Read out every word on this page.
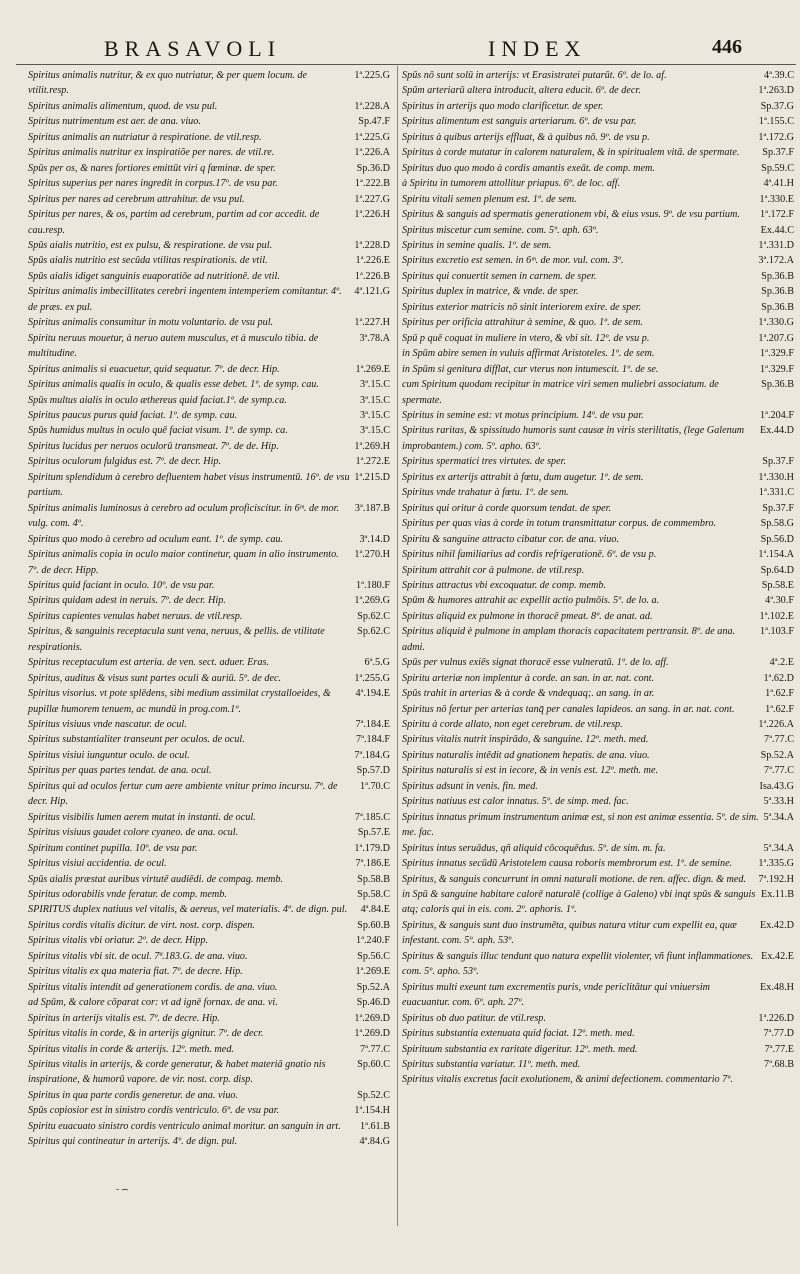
BRASAVOLI	INDEX	446

1ª.225.G
Spiritus animalis nutritur, & ex quo nutriatur, & per quem locum. de vtilit.resp.

1ª.228.A
Spiritus animalis alimentum, quod. de vsu pul.

Sp.47.F
Spiritus nutrimentum est aer. de ana. viuo.

1ª.225.G
Spiritus animalis an nutriatur à respiratione. de vtil.resp.

1ª.226.A
Spiritus animalis nutritur ex inspiratiõe per nares. de vtil.re.

Sp.36.D
Spūs per os, & nares fortiores emittūt viri q fœminæ. de sper.

1ª.222.B
Spiritus superius per nares ingredit in corpus.17º. de vsu par.

1ª.227.G
Spiritus per nares ad cerebrum attrahitur. de vsu pul.

1ª.226.H
Spiritus per nares, & os, partim ad cerebrum, partim ad cor accedit. de cau.resp.

1ª.228.D
Spūs aialis nutritio, est ex pulsu, & respiratione. de vsu pul.

1ª.226.E
Spūs aialis nutritio est secūda vtilitas respirationis. de vtil.

1ª.226.B
Spūs aialis idiget sanguinis euaporatiōe ad nutritionē. de vtil.

4ª.121.G
Spiritus animalis imbecillitates cerebri ingentem intemperiem comitantur. 4º. de præs. ex pul.

1ª.227.H
Spiritus animalis consumitur in motu voluntario. de vsu pul.

3ª.78.A
Spiritu neruus mouetur, à neruo autem musculus, et à musculo tibia. de multitudine.

1ª.269.E
Spiritus animalis si euacuetur, quid sequatur. 7º. de decr. Hip.

3ª.15.C
Spiritus animalis qualis in oculo, & qualis esse debet. 1º. de symp. cau.

3ª.15.C
Spūs multus aialis in oculo æthereus quid faciat.1º. de symp.ca.

3ª.15.C
Spiritus paucus purus quid faciat. 1º. de symp. cau.

3ª.15.C
Spūs humidus multus in oculo quē faciat visum. 1º. de symp. ca.

1ª.269.H
Spiritus lucidus per neruos oculorū transmeat. 7º. de de. Hip.

1ª.272.E
Spiritus oculorum fulgidus est. 7º. de decr. Hip.

1ª.215.D
Spiritum splendidum à cerebro defluentem habet visus instrumentū. 16º. de vsu partium.

3ª.187.B
Spiritus animalis luminosus à cerebro ad oculum proficiscitur. in 6ᵐ. de mor. vulg. com. 4º.

3ª.14.D
Spiritus quo modo à cerebro ad oculum eant. 1º. de symp. cau.

1ª.270.H
Spiritus animalis copia in oculo maior continetur, quam in alio instrumento. 7º. de decr. Hipp.

1ª.180.F
Spiritus quid faciant in oculo. 10º. de vsu par.

1ª.269.G
Spiritus quidam adest in neruis. 7º. de decr. Hip.

Sp.62.C
Spiritus capientes venulas habet neruus. de vtil.resp.

Sp.62.C
Spiritus, & sanguinis receptacula sunt vena, neruus, & pellis. de vtilitate respirationis.

6ª.5.G
Spiritus receptaculum est arteria. de ven. sect. aduer. Eras.

1ª.255.G
Spiritus, auditus & visus sunt partes oculi & auriū. 5º. de dec.

4ª.194.E
Spiritus visorius. vt pote splēdens, sibi medium assimilat crystalloeides, & pupillæ humorem tenuem, ac mundū in prog.com.1º.

7ª.184.E
Spiritus visiuus vnde nascatur. de ocul.

7ª.184.F
Spiritus substantialiter transeunt per oculos. de ocul.

7ª.184.G
Spiritus visiui iunguntur oculo. de ocul.

Sp.57.D
Spiritus per quas partes tendat. de ana. ocul.

1ª.70.C
Spiritus qui ad oculos fertur cum aere ambiente vnitur primo incursu. 7º. de decr. Hip.

7ª.185.C
Spiritus visibilis lumen aerem mutat in instanti. de ocul.

Sp.57.E
Spiritus visiuus gaudet colore cyaneo. de ana. ocul.

1ª.179.D
Spiritum continet pupilla. 10º. de vsu par.

7ª.186.E
Spiritus visiui accidentia. de ocul.

Sp.58.B
Spūs aialis præstat auribus virtutē audiēdi. de compag. memb.

Sp.58.C
Spiritus odorabilis vnde feratur. de comp. memb.

4ª.84.E
SPIRITUS duplex natiuus vel vitalis, & aereus, vel materialis. 4º. de dign. pul.

Sp.60.B
Spiritus cordis vitalis dicitur. de virt. nost. corp. dispen.

1ª.240.F
Spiritus vitalis vbi oriatur. 2º. de decr. Hipp.

Sp.56.C
Spiritus vitalis vbi sit. de ocul. 7ª.183.G. de ana. viuo.

1ª.269.E
Spiritus vitalis ex qua materia fiat. 7º. de decre. Hip.

Sp.52.A
Spiritus vitalis intendit ad generationem cordis. de ana. viuo.

Sp.46.D
ad Spūm, & calore cōparat cor: vt ad ignē fornax. de ana. vi.

1ª.269.D
Spiritus in arterijs vitalis est. 7º. de decre. Hip.

1ª.269.D
Spiritus vitalis in corde, & in arterijs gignitur. 7º. de decr.

7ª.77.C
Spiritus vitalis in corde & arterijs. 12º. meth. med.

Sp.60.C
Spiritus vitalis in arterijs, & corde generatur, & habet materiā gnatio nis inspiratione, & humorū vapore. de vir. nost. corp. disp.

Sp.52.C
Spiritus in qua parte cordis generetur. de ana. viuo.

1ª.154.H
Spūs copiosior est in sinistro cordis ventriculo. 6º. de vsu par.

1ª.61.B
Spiritu euacuato sinistro cordis ventriculo animal moritur. an sanguin in art.

4ª.84.G
Spiritus qui contineatur in arterijs. 4º. de dign. pul.

4ª.39.C
Spūs nō sunt solū in arterijs: vt Erasistratei putarūt. 6º. de lo. af.

1ª.263.D
Spūm arteriarū altera introducit, altera educit. 6º. de decr.

Sp.37.G
Spiritus in arterijs quo modo clarificetur. de sper.

1ª.155.C
Spiritus alimentum est sanguis arteriarum. 6º. de vsu par.

1ª.172.G
Spiritus à quibus arterijs effluat, & à quibus nō. 9º. de vsu p.

Sp.37.F
Spiritus à corde mutatur in calorem naturalem, & in spiritualem vitā. de spermate.

Sp.59.C
Spiritus duo quo modo à cordis amantis exeāt. de comp. mem.

4ª.41.H
à Spiritu in tumorem attollitur priapus. 6º. de loc. aff.

1ª.330.E
Spiritu vitali semen plenum est. 1º. de sem.

1ª.172.F
Spiritus & sanguis ad spermatis generationem vbi, & eius vsus. 9º. de vsu partium.

Ex.44.C
Spiritus miscetur cum semine. com. 5º. aph. 63º.

1ª.331.D
Spiritus in semine qualis. 1º. de sem.

3ª.172.A
Spiritus excretio est semen. in 6ᵐ. de mor. vul. com. 3º.

Sp.36.B
Spiritus qui conuertit semen in carnem. de sper.

Sp.36.B
Spiritus duplex in matrice, & vnde. de sper.

Sp.36.B
Spiritus exterior matricis nō sinit interiorem exire. de sper.

1ª.330.G
Spiritus per orificia attrahitur à semine, & quo. 1º. de sem.

1ª.207.G
Spū p quē coquat in muliere in vtero, & vbi sit. 12º. de vsu p.

1ª.329.F
in Spūm abire semen in vuluis affirmat Aristoteles. 1º. de sem.

1ª.329.F
in Spūm si genitura difflat, cur vterus non intumescit. 1º. de se.

Sp.36.B
cum Spiritum quodam recipitur in matrice viri semen muliebri associatum. de spermate.

1ª.204.F
Spiritus in semine est: vt motus principium. 14º. de vsu par.

Ex.44.D
Spiritus raritas, & spissitudo humoris sunt causæ in viris sterilitatis, (lege Galenum improbantem.) com. 5º. apho. 63º.

Sp.37.F
Spiritus spermatici tres virtutes. de sper.

1ª.330.H
Spiritus ex arterijs attrahit à fœtu, dum augetur. 1º. de sem.

1ª.331.C
Spiritus vnde trahatur à fœtu. 1º. de sem.

Sp.37.F
Spiritus qui oritur à corde quorsum tendat. de sper.

Sp.58.G
Spiritus per quas vias à corde in totum transmittatur corpus. de commembro.

Sp.56.D
Spiritu & sanguine attracto cibatur cor. de ana. viuo.

1ª.154.A
Spiritus nihil familiarius ad cordis refrigerationē. 6º. de vsu p.

Sp.64.D
Spiritum attrahit cor à pulmone. de vtil.resp.

Sp.58.E
Spiritus attractus vbi excoquatur. de comp. memb.

4ª.30.F
Spūm & humores attrahit ac expellit actio pulmōis. 5º. de lo. a.

1ª.102.E
Spiritus aliquid ex pulmone in thoracē pmeat. 8º. de anat. ad.

1ª.103.F
Spiritus aliquid è pulmone in amplam thoracis capacitatem pertransit. 8º. de ana. admi.

4ª.2.E
Spūs per vulnus exiēs signat thoracē esse vulneratū. 1º. de lo. aff.

1ª.62.D
Spiritu arteriæ non implentur à corde. an san. in ar. nat. cont.

1ª.62.F
Spūs trahit in arterias & à corde & vndequaq;. an sang. in ar.

1ª.62.F
Spiritus nō fertur per arterias tanq̄ per canales lapideos. an sang. in ar. nat. cont.

1ª.226.A
Spiritu à corde allato, non eget cerebrum. de vtil.resp.

7ª.77.C
Spiritus vitalis nutrit inspirādo, & sanguine. 12º. meth. med.

Sp.52.A
Spiritus naturalis intēdit ad gnationem hepatis. de ana. viuo.

7ª.77.C
Spiritus naturalis si est in iecore, & in venis est. 12º. meth. me.

Isa.43.G
Spiritus adsunt in venis. fin. med.

5ª.33.H
Spiritus natiuus est calor innatus. 5º. de simp. med. fac.

5ª.34.A
Spiritus innatus primum instrumentum animæ est, si non est animæ essentia. 5º. de sim. me. fac.

5ª.34.A
Spiritus intus seruādus, qñ aliquid cōcoquēdus. 5º. de sim. m. fa.

1ª.335.G
Spiritus innatus secūdū Aristotelem causa roboris membrorum est. 1º. de semine.

7ª.192.H
Spiritus, & sanguis concurrunt in omni naturali motione. de ren. affec. dign. & med.

Ex.11.B
in Spū & sanguine habitare calorē naturalē (collige à Galeno) vbi inqt spūs & sanguis atq; caloris qui in eis. com. 2º. aphoris. 1º.

Ex.42.D
Spiritus, & sanguis sunt duo instrumēta, quibus natura vtitur cum expellit ea, quæ infestant. com. 5º. aph. 53º.

Ex.42.E
Spiritus & sanguis illuc tendunt quo natura expellit violenter, vñ fiunt inflammationes. com. 5º. apho. 53º.

Ex.48.H
Spiritus multi exeunt tum excrementis puris, vnde periclitātur qui vniuersim euacuantur. com. 6º. aph. 27º.

1ª.226.D
Spiritus ob duo patitur. de vtil.resp.

7ª.77.D
Spiritus substantia extenuata quid faciat. 12º. meth. med.

7ª.77.E
Spirituum substantia ex raritate digeritur. 12º. meth. med.

7ª.68.B
Spiritus substantia variatur. 11º. meth. med.

Spiritus vitalis excretus facit exolutionem, & animi defectionem. commentario 7º.

˜ ͡
